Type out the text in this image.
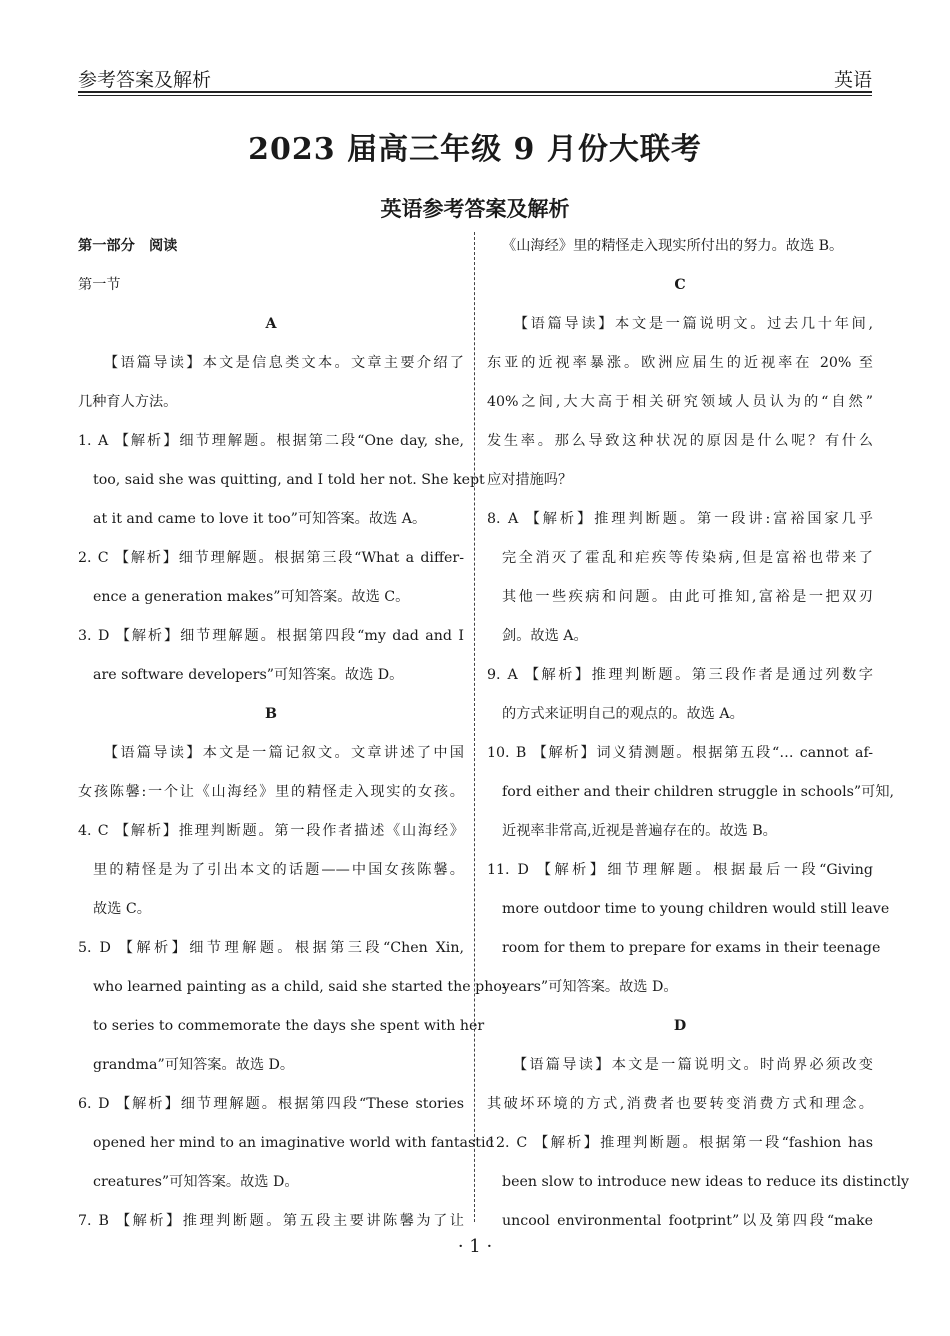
参考答案及解析	英语
2023 届高三年级 9 月份大联考
英语参考答案及解析
第一部分　阅读
第一节
A
　　【语篇导读】本文是信息类文本。文章主要介绍了
几种育人方法。
1. A 【解析】细节理解题。根据第二段“One day, she,
too, said she was quitting, and I told her not. She kept
at it and came to love it too”可知答案。故选 A。
2. C 【解析】细节理解题。根据第三段“What a differ-
ence a generation makes”可知答案。故选 C。
3. D 【解析】细节理解题。根据第四段“my dad and I
are software developers”可知答案。故选 D。
B
　　【语篇导读】本文是一篇记叙文。文章讲述了中国
女孩陈馨:一个让《山海经》里的精怪走入现实的女孩。
4. C 【解析】推理判断题。第一段作者描述《山海经》
里的精怪是为了引出本文的话题——中国女孩陈馨。
故选 C。
5. D 【解析】细节理解题。根据第三段“Chen Xin,
who learned painting as a child, said she started the pho-
to series to commemorate the days she spent with her
grandma”可知答案。故选 D。
6. D 【解析】细节理解题。根据第四段“These stories
opened her mind to an imaginative world with fantastic
creatures”可知答案。故选 D。
7. B 【解析】推理判断题。第五段主要讲陈馨为了让
《山海经》里的精怪走入现实所付出的努力。故选 B。
C
　　【语篇导读】本文是一篇说明文。过去几十年间,
东亚的近视率暴涨。欧洲应届生的近视率在 20% 至
40%之间,大大高于相关研究领域人员认为的“自然”
发生率。那么导致这种状况的原因是什么呢？有什么
应对措施吗？
8. A 【解析】推理判断题。第一段讲:富裕国家几乎
完全消灭了霍乱和疟疾等传染病,但是富裕也带来了
其他一些疾病和问题。由此可推知,富裕是一把双刃
剑。故选 A。
9. A 【解析】推理判断题。第三段作者是通过列数字
的方式来证明自己的观点的。故选 A。
10. B 【解析】词义猜测题。根据第五段“… cannot af-
ford either and their children struggle in schools”可知,
近视率非常高,近视是普遍存在的。故选 B。
11. D 【解析】细节理解题。根据最后一段“Giving
more outdoor time to young children would still leave
room for them to prepare for exams in their teenage
years”可知答案。故选 D。
D
　　【语篇导读】本文是一篇说明文。时尚界必须改变
其破坏环境的方式,消费者也要转变消费方式和理念。
12. C 【解析】推理判断题。根据第一段“fashion has
been slow to introduce new ideas to reduce its distinctly
uncool environmental footprint”以及第四段“make
· 1 ·
